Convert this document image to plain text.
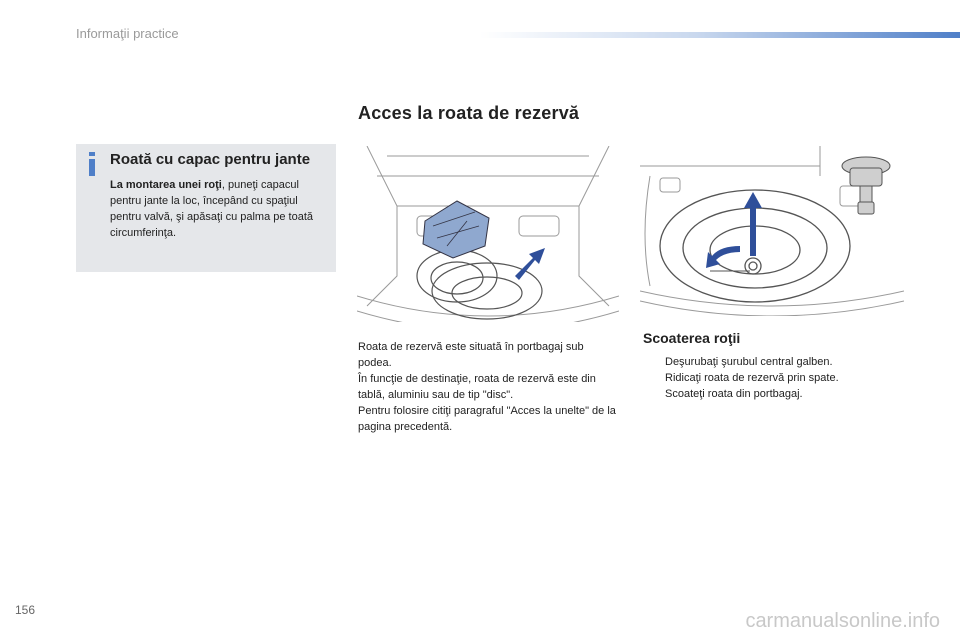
Informaţii practice
Acces la roata de rezervă
Roată cu capac pentru jante
La montarea unei roţi, puneţi capacul pentru jante la loc, începând cu spaţiul pentru valvă, şi apăsaţi cu palma pe toată circumferinţa.

Roata de rezervă este situată în portbagaj sub podea.

În funcţie de destinaţie, roata de rezervă este din tablă, aluminiu sau de tip "disc".

Pentru folosire citiţi paragraful "Acces la unelte" de la pagina precedentă.

Scoaterea roţii
Deşurubaţi şurubul central galben.
Ridicaţi roata de rezervă prin spate.
Scoateţi roata din portbagaj.
156	carmanualsonline.info
